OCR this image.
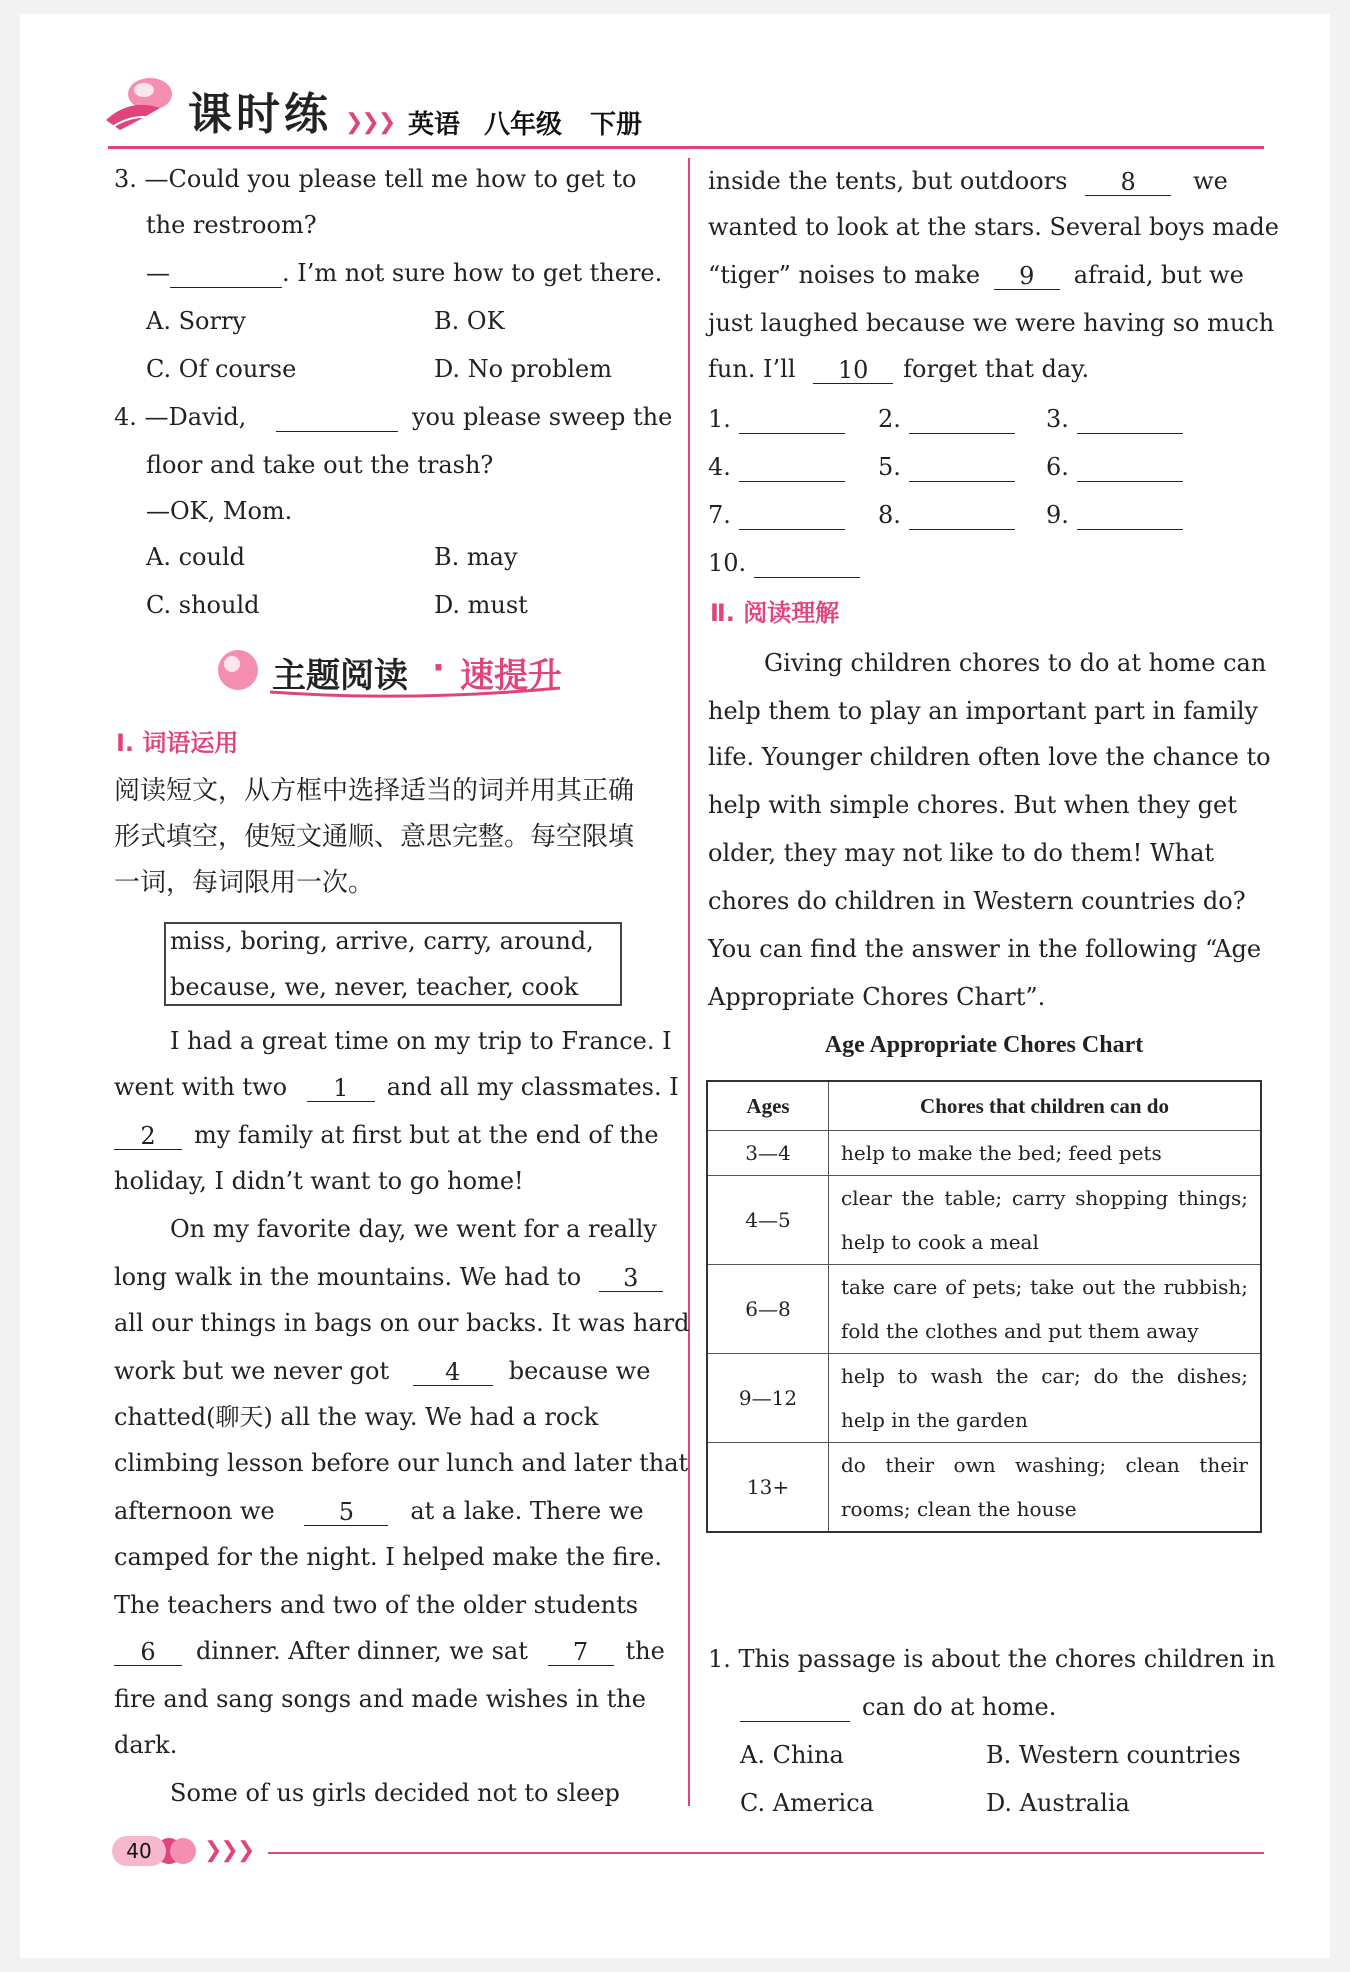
课时练 ❯❯❯ 英语 八年级 下册
3. —Could you please tell me how to get to
the restroom?
—	. I’m not sure how to get there.
A. Sorry	B. OK
C. Of course	D. No problem
4. —David,	you please sweep the
floor and take out the trash?
—OK, Mom.
A. could	B. may
C. should	D. must
主题阅读 · 速提升
Ⅰ. 词语运用
阅读短文，从方框中选择适当的词并用其正确
形式填空，使短文通顺、意思完整。每空限填
一词，每词限用一次。
miss, boring, arrive, carry, around,
because, we, never, teacher, cook
I had a great time on my trip to France. I
went with two 1 and all my classmates. I
2 my family at first but at the end of the
holiday, I didn’t want to go home!
On my favorite day, we went for a really
long walk in the mountains. We had to 3
all our things in bags on our backs. It was hard
work but we never got 4 because we
chatted(聊天) all the way. We had a rock
climbing lesson before our lunch and later that
afternoon we	5 at a lake. There we
camped for the night. I helped make the fire.
The teachers and two of the older students
6 dinner. After dinner, we sat 7 the
fire and sang songs and made wishes in the
dark.
Some of us girls decided not to sleep
inside the tents, but outdoors 8 we
wanted to look at the stars. Several boys made
“tiger” noises to make 9 afraid, but we
just laughed because we were having so much
fun. I’ll 10 forget that day.
1.	2.	3.
4.	5.	6.
7.	8.	9.
10.
Ⅱ. 阅读理解
Giving children chores to do at home can
help them to play an important part in family
life. Younger children often love the chance to
help with simple chores. But when they get
older, they may not like to do them! What
chores do children in Western countries do?
You can find the answer in the following “Age
Appropriate Chores Chart”.
Age Appropriate Chores Chart
Ages	Chores that children can do
3—4	help to make the bed; feed pets
4—5	clear the table; carry shopping things; help to cook a meal
6—8	take care of pets; take out the rubbish; fold the clothes and put them away
9—12	help to wash the car; do the dishes; help in the garden
13+	do their own washing; clean their rooms; clean the house
1. This passage is about the chores children in
can do at home.
A. China	B. Western countries
C. America	D. Australia
40	❯❯❯
